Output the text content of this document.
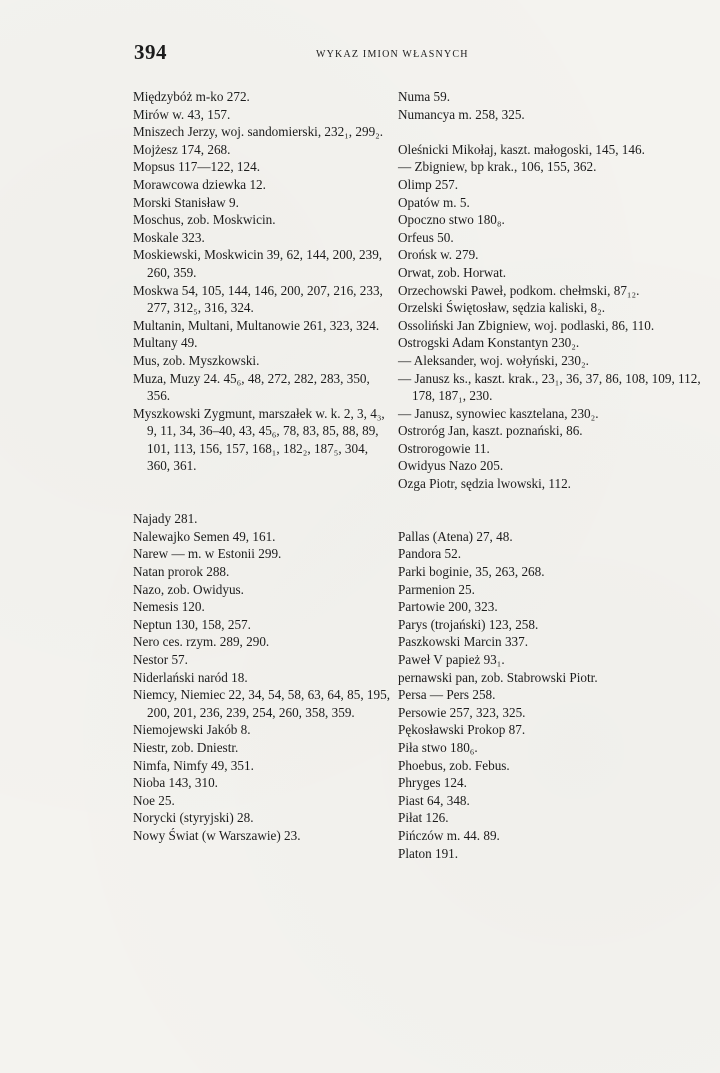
394	WYKAZ IMION WŁASNYCH
Międzybóż m-ko 272.
Mirów w. 43, 157.
Mniszech Jerzy, woj. sandomierski, 232₁, 299₂.
Mojżesz 174, 268.
Mopsus 117—122, 124.
Morawcowa dziewka 12.
Morski Stanisław 9.
Moschus, zob. Moskwicin.
Moskale 323.
Moskiewski, Moskwicin 39, 62, 144, 200, 239, 260, 359.
Moskwa 54, 105, 144, 146, 200, 207, 216, 233, 277, 312₅, 316, 324.
Multanin, Multani, Multanowie 261, 323, 324.
Multany 49.
Mus, zob. Myszkowski.
Muza, Muzy 24. 45₆, 48, 272, 282, 283, 350, 356.
Myszkowski Zygmunt, marszałek w. k. 2, 3, 4₃, 9, 11, 34, 36–40, 43, 45₆, 78, 83, 85, 88, 89, 101, 113, 156, 157, 168₁, 182₂, 187₅, 304, 360, 361.
Najady 281.
Nalewajko Semen 49, 161.
Narew — m. w Estonii 299.
Natan prorok 288.
Nazo, zob. Owidyus.
Nemesis 120.
Neptun 130, 158, 257.
Nero ces. rzym. 289, 290.
Nestor 57.
Niderlański naród 18.
Niemcy, Niemiec 22, 34, 54, 58, 63, 64, 85, 195, 200, 201, 236, 239, 254, 260, 358, 359.
Niemojewski Jakób 8.
Niestr, zob. Dniestr.
Nimfa, Nimfy 49, 351.
Nioba 143, 310.
Noe 25.
Norycki (styryjski) 28.
Nowy Świat (w Warszawie) 23.
Numa 59.
Numancya m. 258, 325.
Oleśnicki Mikołaj, kaszt. małogoski, 145, 146.
— Zbigniew, bp krak., 106, 155, 362.
Olimp 257.
Opatów m. 5.
Opoczno stwo 180₈.
Orfeus 50.
Orońsk w. 279.
Orwat, zob. Horwat.
Orzechowski Paweł, podkom. chełmski, 87₁₂.
Orzelski Świętosław, sędzia kaliski, 8₂.
Ossoliński Jan Zbigniew, woj. podlaski, 86, 110.
Ostrogski Adam Konstantyn 230₂.
— Aleksander, woj. wołyński, 230₂.
— Janusz ks., kaszt. krak., 23₁, 36, 37, 86, 108, 109, 112, 178, 187₁, 230.
— Janusz, synowiec kasztelana, 230₂.
Ostroróg Jan, kaszt. poznański, 86.
Ostrorogowie 11.
Owidyus Nazo 205.
Ozga Piotr, sędzia lwowski, 112.
Pallas (Atena) 27, 48.
Pandora 52.
Parki boginie, 35, 263, 268.
Parmenion 25.
Partowie 200, 323.
Parys (trojański) 123, 258.
Paszkowski Marcin 337.
Paweł V papież 93₁.
pernawski pan, zob. Stabrowski Piotr.
Persa — Pers 258.
Persowie 257, 323, 325.
Pękosławski Prokop 87.
Piła stwo 180₆.
Phoebus, zob. Febus.
Phryges 124.
Piast 64, 348.
Piłat 126.
Pińczów m. 44. 89.
Platon 191.
